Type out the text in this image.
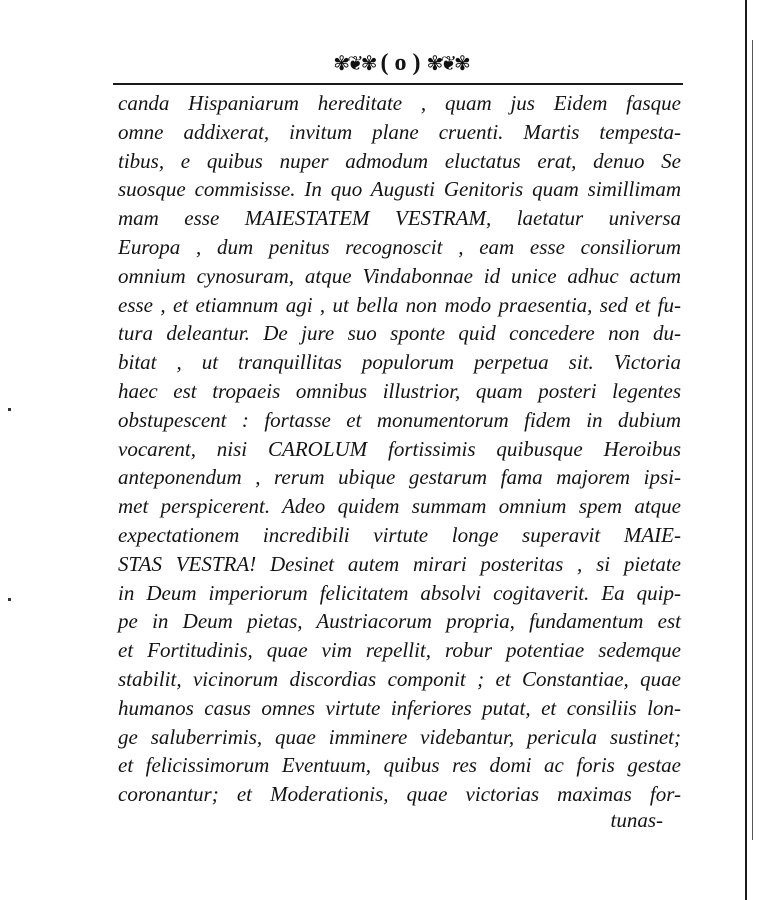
✾❦✾ ( o ) ✾❦✾
canda Hispaniarum hereditate , quam jus Eidem fasque
omne addixerat, invitum plane cruenti. Martis tempesta-
tibus, e quibus nuper admodum eluctatus erat, denuo Se
suosque commisisse. In quo Augusti Genitoris quam simillimam
mam esse MAIESTATEM VESTRAM, laetatur universa
Europa , dum penitus recognoscit , eam esse consiliorum
omnium cynosuram, atque Vindabonnae id unice adhuc actum
esse , et etiamnum agi , ut bella non modo praesentia, sed et fu-
tura deleantur. De jure suo sponte quid concedere non du-
bitat , ut tranquillitas populorum perpetua sit. Victoria
haec est tropaeis omnibus illustrior, quam posteri legentes
obstupescent : fortasse et monumentorum fidem in dubium
vocarent, nisi CAROLUM fortissimis quibusque Heroibus
anteponendum , rerum ubique gestarum fama majorem ipsi-
met perspicerent. Adeo quidem summam omnium spem atque
expectationem incredibili virtute longe superavit MAIE-
STAS VESTRA! Desinet autem mirari posteritas , si pietate
in Deum imperiorum felicitatem absolvi cogitaverit. Ea quip-
pe in Deum pietas, Austriacorum propria, fundamentum est
et Fortitudinis, quae vim repellit, robur potentiae sedemque
stabilit, vicinorum discordias componit ; et Constantiae, quae
humanos casus omnes virtute inferiores putat, et consiliis lon-
ge saluberrimis, quae imminere videbantur, pericula sustinet;
et felicissimorum Eventuum, quibus res domi ac foris gestae
coronantur; et Moderationis, quae victorias maximas for-
tunas-
